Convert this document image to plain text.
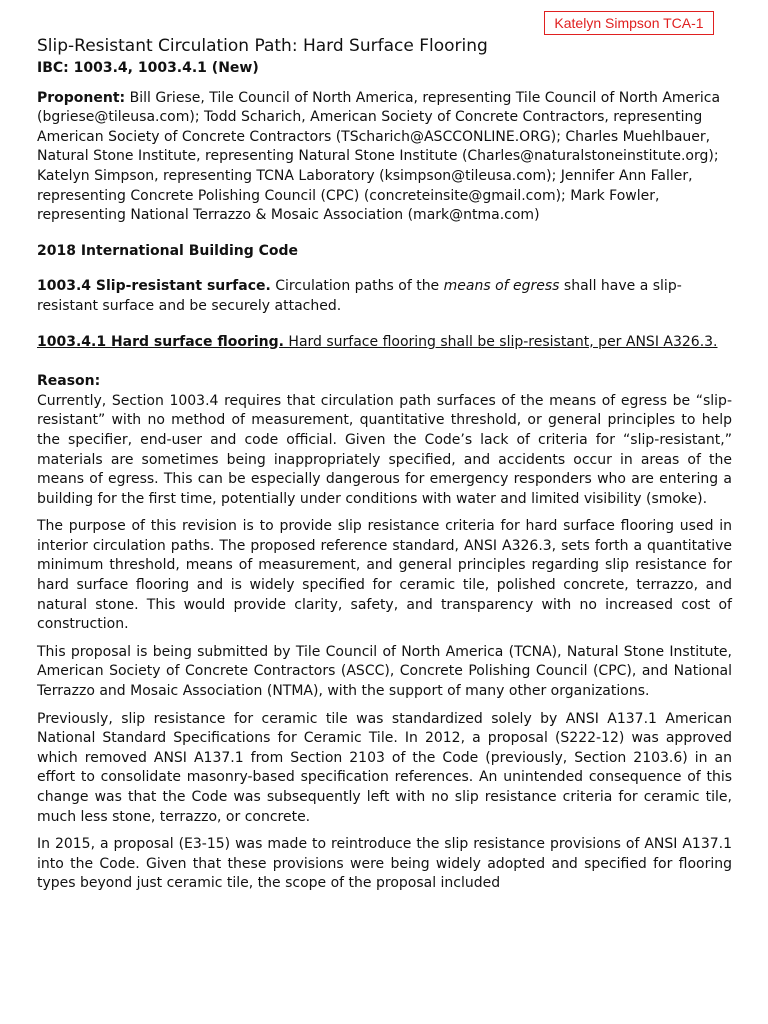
Katelyn Simpson TCA-1
Slip-Resistant Circulation Path: Hard Surface Flooring

IBC: 1003.4, 1003.4.1 (New)

Proponent: Bill Griese, Tile Council of North America, representing Tile Council of North America (bgriese@tileusa.com); Todd Scharich, American Society of Concrete Contractors, representing American Society of Concrete Contractors (TScharich@ASCCONLINE.ORG); Charles Muehlbauer, Natural Stone Institute, representing Natural Stone Institute (Charles@naturalstoneinstitute.org); Katelyn Simpson, representing TCNA Laboratory (ksimpson@tileusa.com); Jennifer Ann Faller, representing Concrete Polishing Council (CPC) (concreteinsite@gmail.com); Mark Fowler, representing National Terrazzo & Mosaic Association (mark@ntma.com)

2018 International Building Code

1003.4 Slip-resistant surface. Circulation paths of the means of egress shall have a slip-resistant surface and be securely attached.

1003.4.1 Hard surface flooring. Hard surface flooring shall be slip-resistant, per ANSI A326.3.

Reason:

Currently, Section 1003.4 requires that circulation path surfaces of the means of egress be “slip-resistant” with no method of measurement, quantitative threshold, or general principles to help the specifier, end-user and code official. Given the Code’s lack of criteria for “slip-resistant,” materials are sometimes being inappropriately specified, and accidents occur in areas of the means of egress. This can be especially dangerous for emergency responders who are entering a building for the first time, potentially under conditions with water and limited visibility (smoke).

The purpose of this revision is to provide slip resistance criteria for hard surface flooring used in interior circulation paths. The proposed reference standard, ANSI A326.3, sets forth a quantitative minimum threshold, means of measurement, and general principles regarding slip resistance for hard surface flooring and is widely specified for ceramic tile, polished concrete, terrazzo, and natural stone. This would provide clarity, safety, and transparency with no increased cost of construction.

This proposal is being submitted by Tile Council of North America (TCNA), Natural Stone Institute, American Society of Concrete Contractors (ASCC), Concrete Polishing Council (CPC), and National Terrazzo and Mosaic Association (NTMA), with the support of many other organizations.

Previously, slip resistance for ceramic tile was standardized solely by ANSI A137.1 American National Standard Specifications for Ceramic Tile. In 2012, a proposal (S222-12) was approved which removed ANSI A137.1 from Section 2103 of the Code (previously, Section 2103.6) in an effort to consolidate masonry-based specification references. An unintended consequence of this change was that the Code was subsequently left with no slip resistance criteria for ceramic tile, much less stone, terrazzo, or concrete.

In 2015, a proposal (E3-15) was made to reintroduce the slip resistance provisions of ANSI A137.1 into the Code. Given that these provisions were being widely adopted and specified for flooring types beyond just ceramic tile, the scope of the proposal included
